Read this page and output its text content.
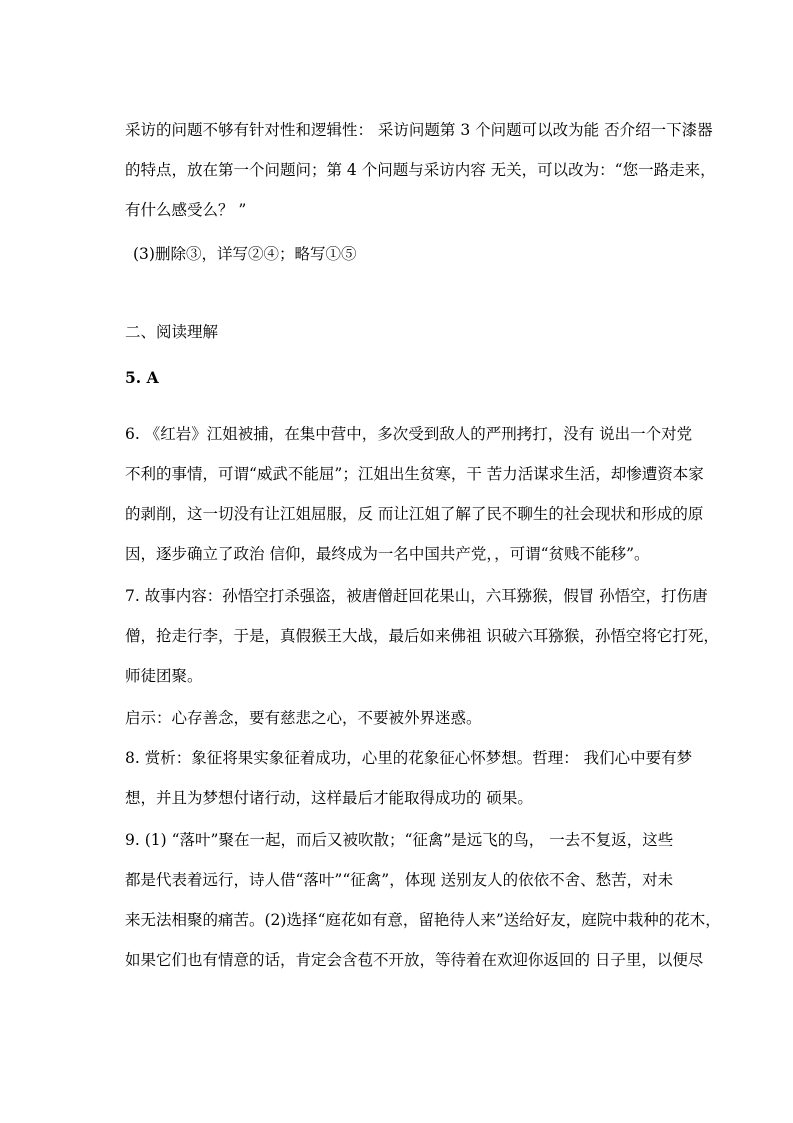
采访的问题不够有针对性和逻辑性： 采访问题第 3 个问题可以改为能 否介绍一下漆器
的特点，放在第一个问题问；第 4 个问题与采访内容 无关，可以改为：“您一路走来，
有什么感受么？ ”
(3)删除③，详写②④；略写①⑤
二、阅读理解
5. A
6. 《红岩》江姐被捕，在集中营中，多次受到敌人的严刑拷打，没有 说出一个对党
不利的事情，可谓“威武不能屈”；江姐出生贫寒，干 苦力活谋求生活，却惨遭资本家
的剥削，这一切没有让江姐屈服，反 而让江姐了解了民不聊生的社会现状和形成的原
因，逐步确立了政治 信仰，最终成为一名中国共产党，，可谓“贫贱不能移”。
7. 故事内容：孙悟空打杀强盗，被唐僧赶回花果山，六耳猕猴，假冒 孙悟空，打伤唐
僧，抢走行李，于是，真假猴王大战，最后如来佛祖 识破六耳猕猴，孙悟空将它打死，
师徒团聚。
启示：心存善念，要有慈悲之心，不要被外界迷惑。
8. 赏析：象征将果实象征着成功，心里的花象征心怀梦想。哲理： 我们心中要有梦
想，并且为梦想付诸行动，这样最后才能取得成功的 硕果。
9. (1) “落叶”聚在一起，而后又被吹散；“征禽”是远飞的鸟， 一去不复返，这些
都是代表着远行，诗人借“落叶”“征禽”，体现 送别友人的依依不舍、愁苦，对未
来无法相聚的痛苦。(2)选择“庭花如有意，留艳待人来”送给好友，庭院中栽种的花木，
如果它们也有情意的话，肯定会含苞不开放，等待着在欢迎你返回的 日子里，以便尽
